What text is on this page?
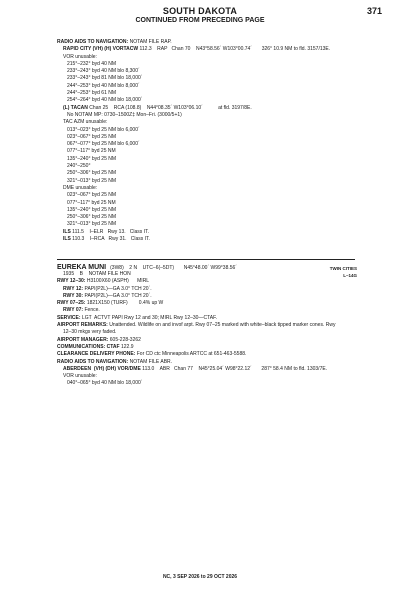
SOUTH DAKOTA	371
CONTINUED FROM PRECEDING PAGE
RADIO AIDS TO NAVIGATION: NOTAM FILE RAP.
RAPID CITY (VH) (H) VORTACW 112.3    RAP   Chan 70    N43°58.56´ W103°00.74´       326° 10.9 NM to fld. 3157/13E.
VOR unusable:
215°–232° byd 40 NM
233°–243° byd 40 NM blo 8,300´
233°–243° byd 81 NM blo 18,000´
244°–253° byd 40 NM blo 8,000´
244°–253° byd 61 NM
254°–264° byd 40 NM blo 18,000´
(L) TACAN Chan 25    RCA (108.8)    N44°08.35´ W103°06.10´           at fld. 3197/8E.
No NOTAM MP: 0730–1500Z‡ Mon–Fri. (3000/5+1)
TAC AZM unusable:
013°–023° byd 25 NM blo 6,000´
023°–067° byd 25 NM
067°–077° byd 25 NM blo 6,000´
077°–117° byd 25 NM
135°–240° byd 25 NM
240°–250°
250°–306° byd 25 NM
321°–013° byd 25 NM
DME unusable:
023°–067° byd 25 NM
077°–117° byd 25 NM
135°–240° byd 25 NM
250°–306° byd 25 NM
321°–013° byd 25 NM
ILS 111.5    I–ELR   Rwy 13.   Class IT.
ILS 110.3    I–RCA   Rwy 31.   Class IT.
TWIN CITIES
L–14G
EUREKA MUNI (3W8)    2 N    UTC–6(–5DT)       N45°48.00´ W99°38.56´
1935    B    NOTAM FILE HON
RWY 12–30: H3100X60 (ASPH)      MIRL
RWY 12: PAPI(P2L)—GA 3.0° TCH 20´.
RWY 30: PAPI(P2L)—GA 3.0° TCH 20´.
RWY 07–25: 1821X150 (TURF)        0.4% up W
RWY 07: Fence.
SERVICE: LGT  ACTVT PAPI Rwy 12 and 30; MIRL Rwy 12–30—CTAF.
AIRPORT REMARKS: Unattended. Wildlife on and invof arpt. Rwy 07–25 marked with white–black tipped marker cones. Rwy
12–30 mkgs very faded.
AIRPORT MANAGER: 605-228-3262
COMMUNICATIONS: CTAF 122.9
CLEARANCE DELIVERY PHONE: For CD ctc Minneapolis ARTCC at 651-463-5588.
RADIO AIDS TO NAVIGATION: NOTAM FILE ABR.
ABERDEEN  (VH) (DH) VOR/DME 113.0    ABR   Chan 77    N45°25.04´ W98°22.12´       287° 58.4 NM to fld. 1303/7E.
VOR unusable:
040°–065° byd 40 NM blo 18,000´
NC, 3 SEP 2026 to 29 OCT 2026
